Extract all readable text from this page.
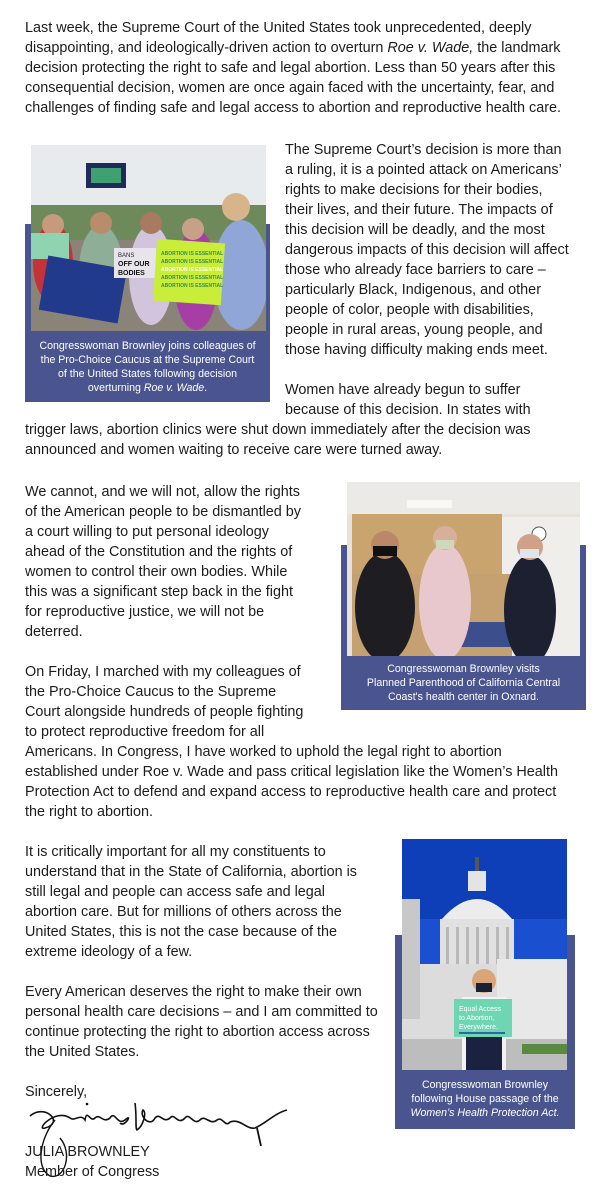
Last week, the Supreme Court of the United States took unprecedented, deeply
disappointing, and ideologically-driven action to overturn Roe v. Wade, the landmark
decision protecting the right to safe and legal abortion. Less than 50 years after this
consequential decision, women are once again faced with the uncertainty, fear, and
challenges of finding safe and legal access to abortion and reproductive health care.
BANS
OFF OUR
BODIES
ABORTION IS ESSENTIAL
ABORTION IS ESSENTIAL
ABORTION IS ESSENTIAL
ABORTION IS ESSENTIAL
ABORTION IS ESSENTIAL
Congresswoman Brownley joins colleagues of
the Pro-Choice Caucus at the Supreme Court
of the United States following decision
overturning Roe v. Wade.
The Supreme Court’s decision is more than
a ruling, it is a pointed attack on Americans’
rights to make decisions for their bodies,
their lives, and their future. The impacts of
this decision will be deadly, and the most
dangerous impacts of this decision will affect
those who already face barriers to care –
particularly Black, Indigenous, and other
people of color, people with disabilities,
people in rural areas, young people, and
those having difficulty making ends meet.
Women have already begun to suffer
because of this decision. In states with
trigger laws, abortion clinics were shut down immediately after the decision was
announced and women waiting to receive care were turned away.
We cannot, and we will not, allow the rights
of the American people to be dismantled by
a court willing to put personal ideology
ahead of the Constitution and the rights of
women to control their own bodies. While
this was a significant step back in the fight
for reproductive justice, we will not be
deterred.
Congresswoman Brownley visits
Planned Parenthood of California Central
Coast's health center in Oxnard.
On Friday, I marched with my colleagues of
the Pro-Choice Caucus to the Supreme
Court alongside hundreds of people fighting
to protect reproductive freedom for all
Americans. In Congress, I have worked to uphold the legal right to abortion
established under Roe v. Wade and pass critical legislation like the Women’s Health
Protection Act to defend and expand access to reproductive health care and protect
the right to abortion.
It is critically important for all my constituents to
understand that in the State of California, abortion is
still legal and people can access safe and legal
abortion care. But for millions of others across the
United States, this is not the case because of the
extreme ideology of a few.
Every American deserves the right to make their own
personal health care decisions – and I am committed to
continue protecting the right to abortion access across
the United States.
Equal Access
to Abortion,
Everywhere.
Congresswoman Brownley
following House passage of the
Women’s Health Protection Act.
Sincerely,
JULIA BROWNLEY
Member of Congress
